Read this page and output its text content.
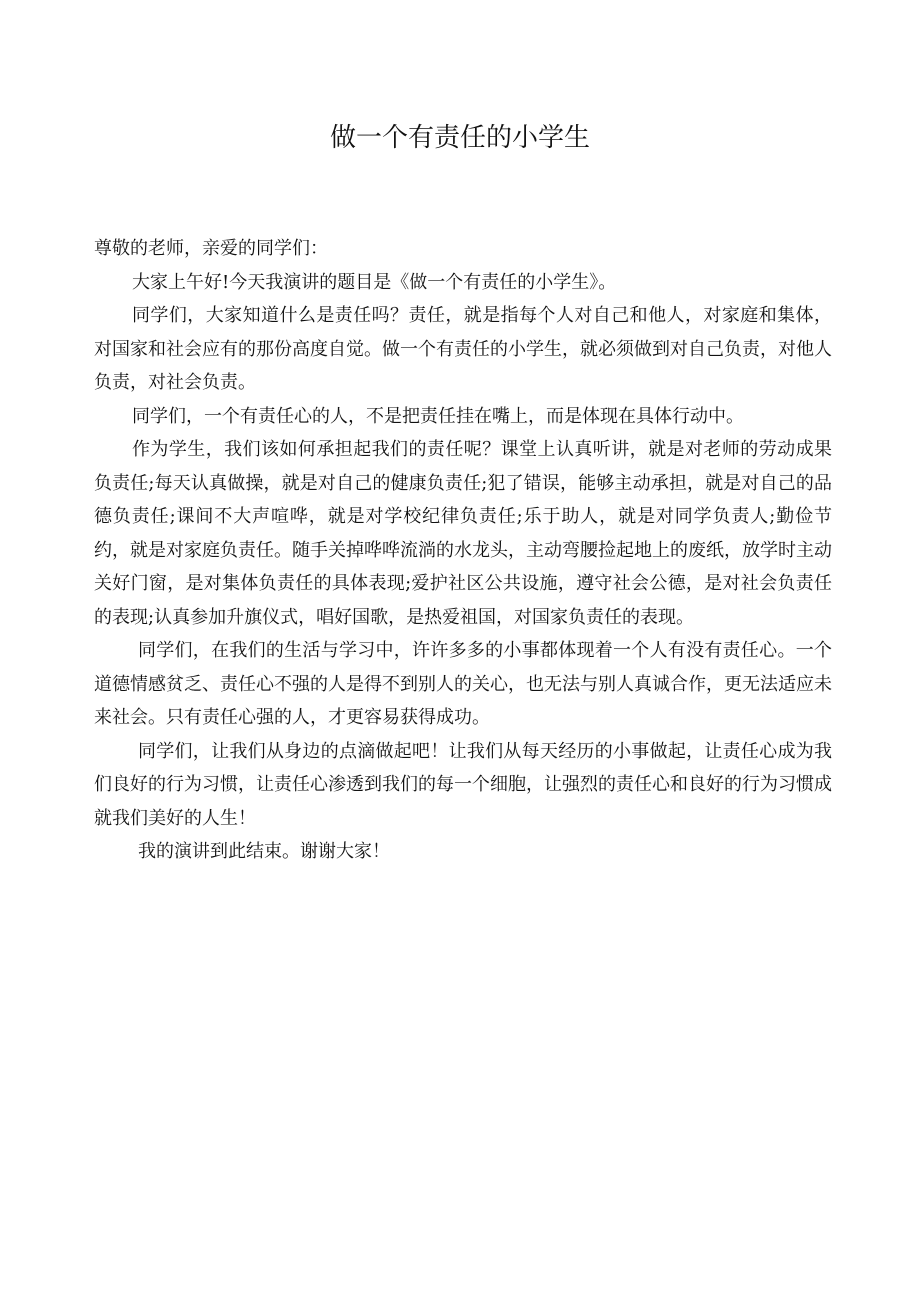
做一个有责任的小学生

尊敬的老师，亲爱的同学们：

大家上午好!今天我演讲的题目是《做一个有责任的小学生》。

同学们，大家知道什么是责任吗？责任，就是指每个人对自己和他人，对家庭和集体，对国家和社会应有的那份高度自觉。做一个有责任的小学生，就必须做到对自己负责，对他人负责，对社会负责。

同学们，一个有责任心的人，不是把责任挂在嘴上，而是体现在具体行动中。

作为学生，我们该如何承担起我们的责任呢？课堂上认真听讲，就是对老师的劳动成果负责任;每天认真做操，就是对自己的健康负责任;犯了错误，能够主动承担，就是对自己的品德负责任;课间不大声喧哗，就是对学校纪律负责任;乐于助人，就是对同学负责人;勤俭节约，就是对家庭负责任。随手关掉哗哗流淌的水龙头，主动弯腰捡起地上的废纸，放学时主动关好门窗，是对集体负责任的具体表现;爱护社区公共设施，遵守社会公德，是对社会负责任的表现;认真参加升旗仪式，唱好国歌，是热爱祖国，对国家负责任的表现。

同学们，在我们的生活与学习中，许许多多的小事都体现着一个人有没有责任心。一个道德情感贫乏、责任心不强的人是得不到别人的关心，也无法与别人真诚合作，更无法适应未来社会。只有责任心强的人，才更容易获得成功。

同学们，让我们从身边的点滴做起吧！让我们从每天经历的小事做起，让责任心成为我们良好的行为习惯，让责任心渗透到我们的每一个细胞，让强烈的责任心和良好的行为习惯成就我们美好的人生！

我的演讲到此结束。谢谢大家！
